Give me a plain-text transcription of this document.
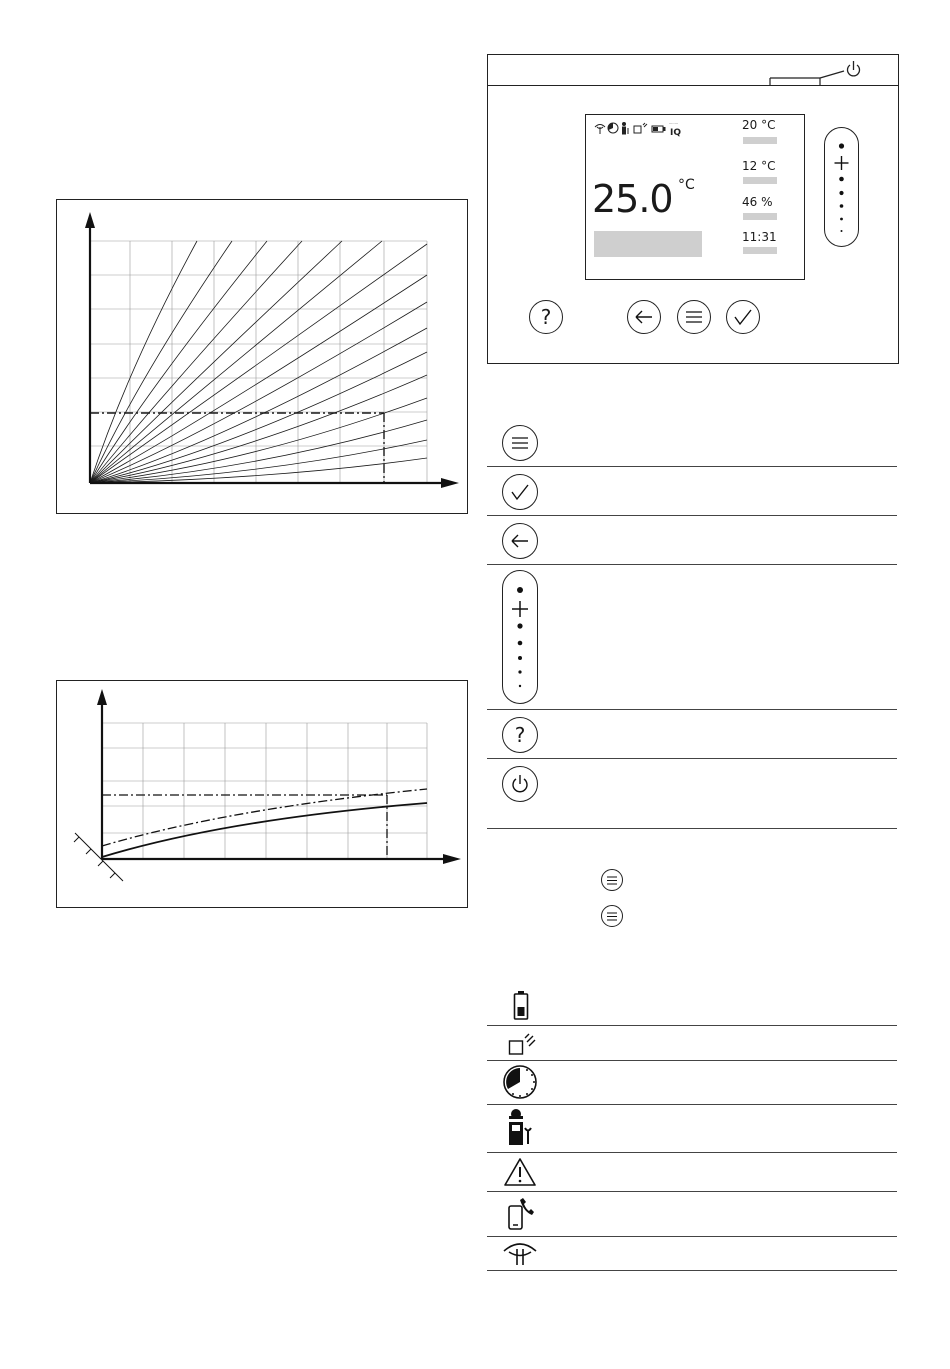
········
IQ
25.0 °C
20 °C
12 °C
46 %
11:31
?
?
